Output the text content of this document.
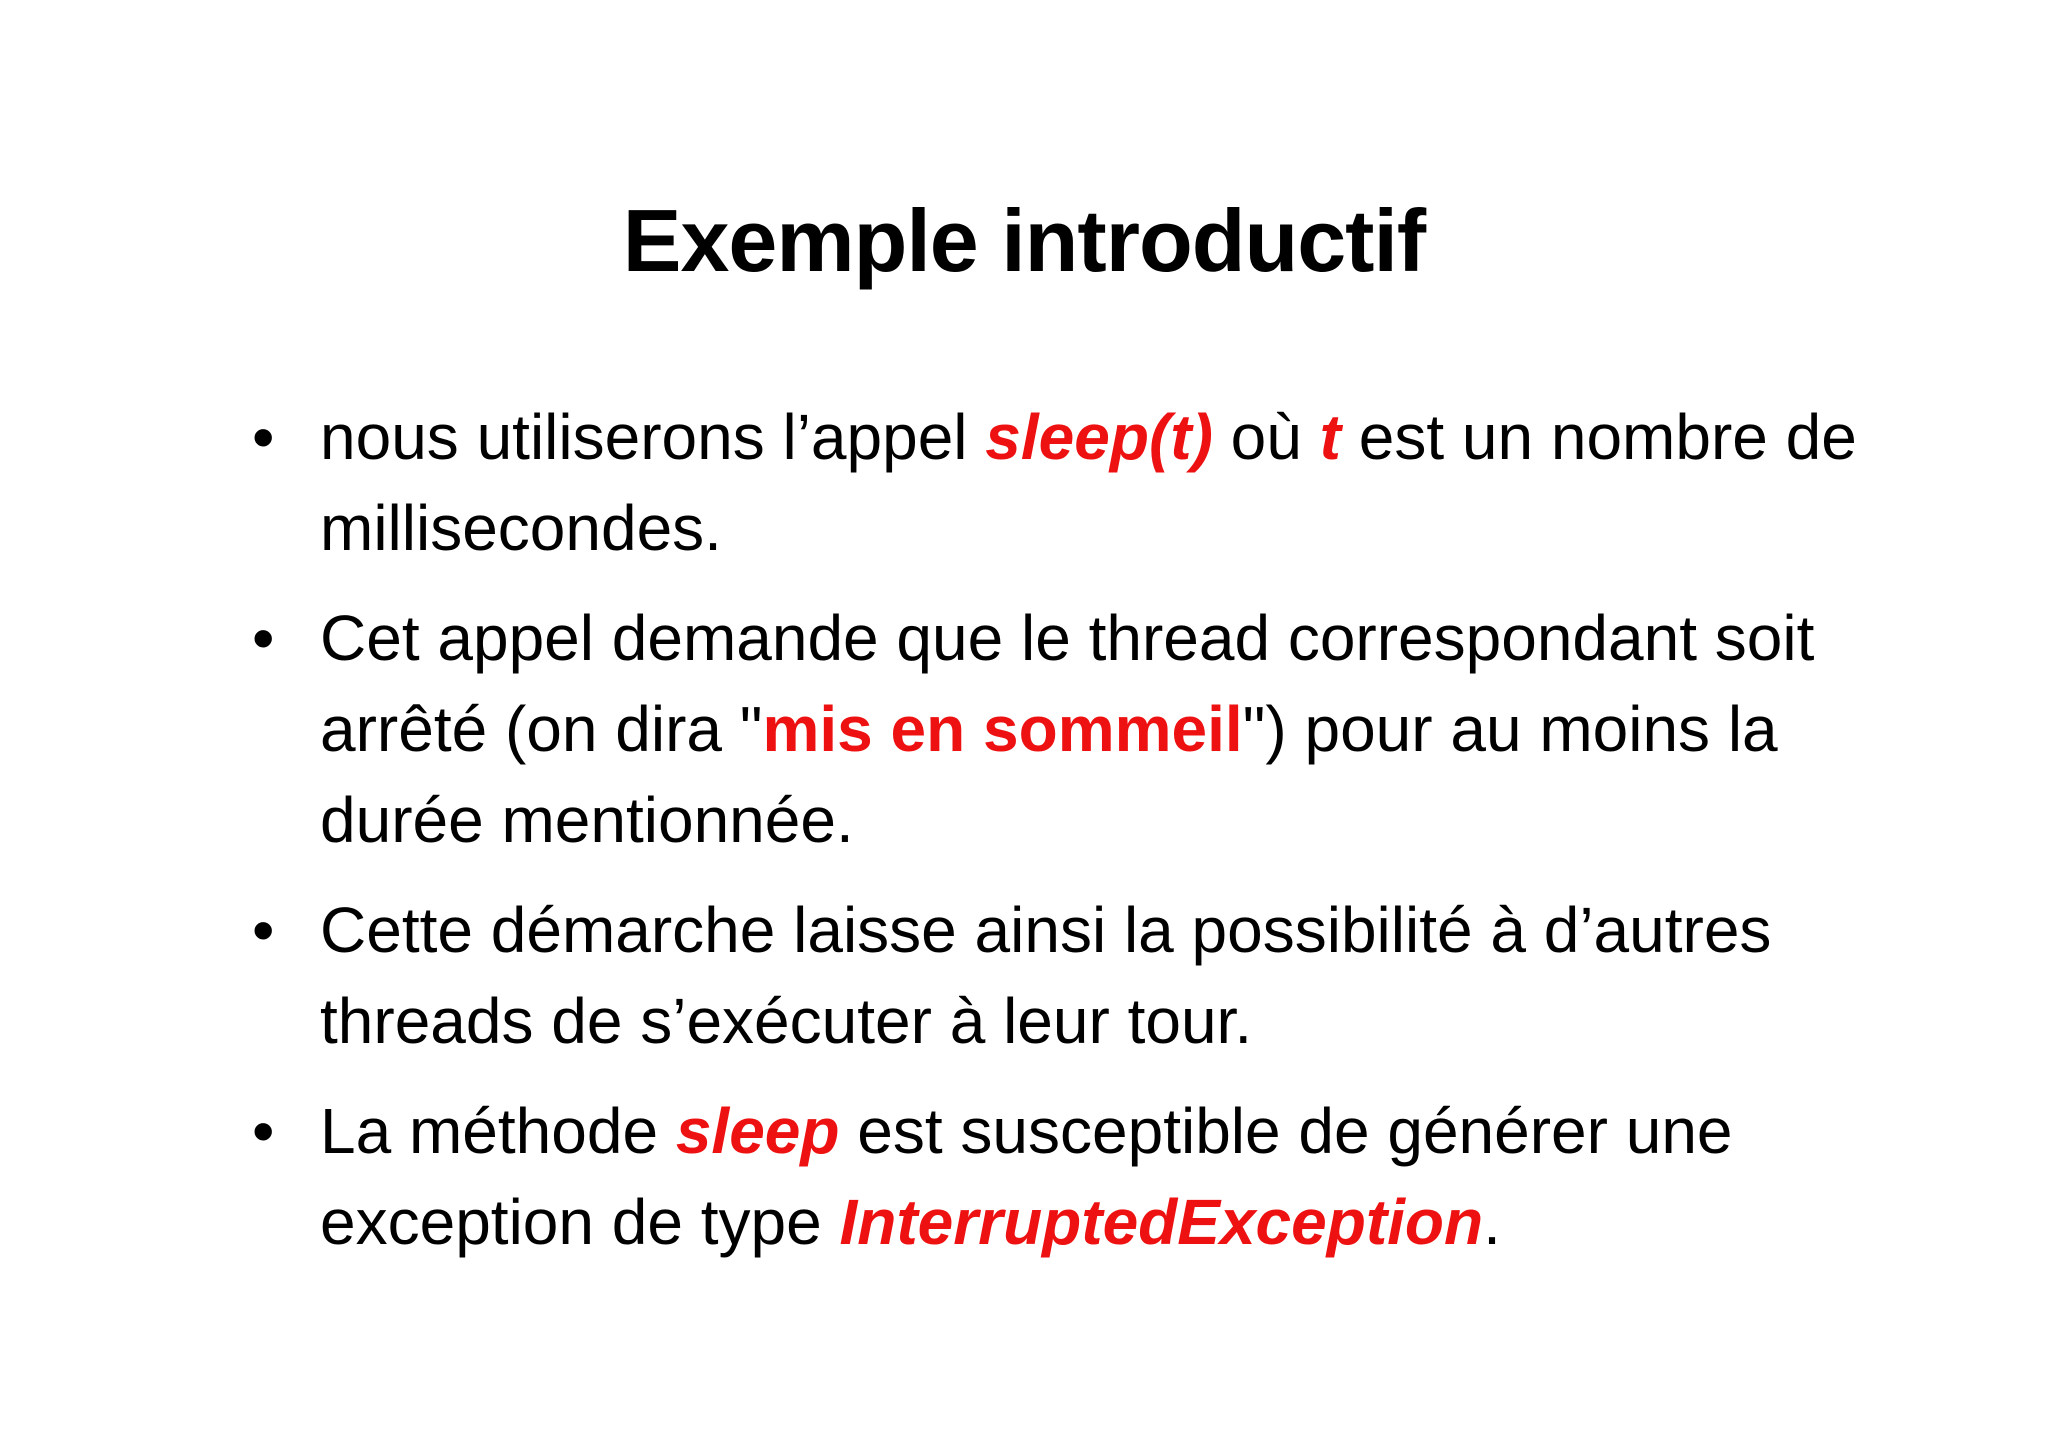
Exemple introductif
• nous utiliserons l’appel sleep(t) où t est un nombre de millisecondes.
• Cet appel demande que le thread correspondant soit arrêté (on dira "mis en sommeil") pour au moins la durée mentionnée.
• Cette démarche laisse ainsi la possibilité à d’autres threads de s’exécuter à leur tour.
• La méthode sleep est susceptible de générer une exception de type InterruptedException.
